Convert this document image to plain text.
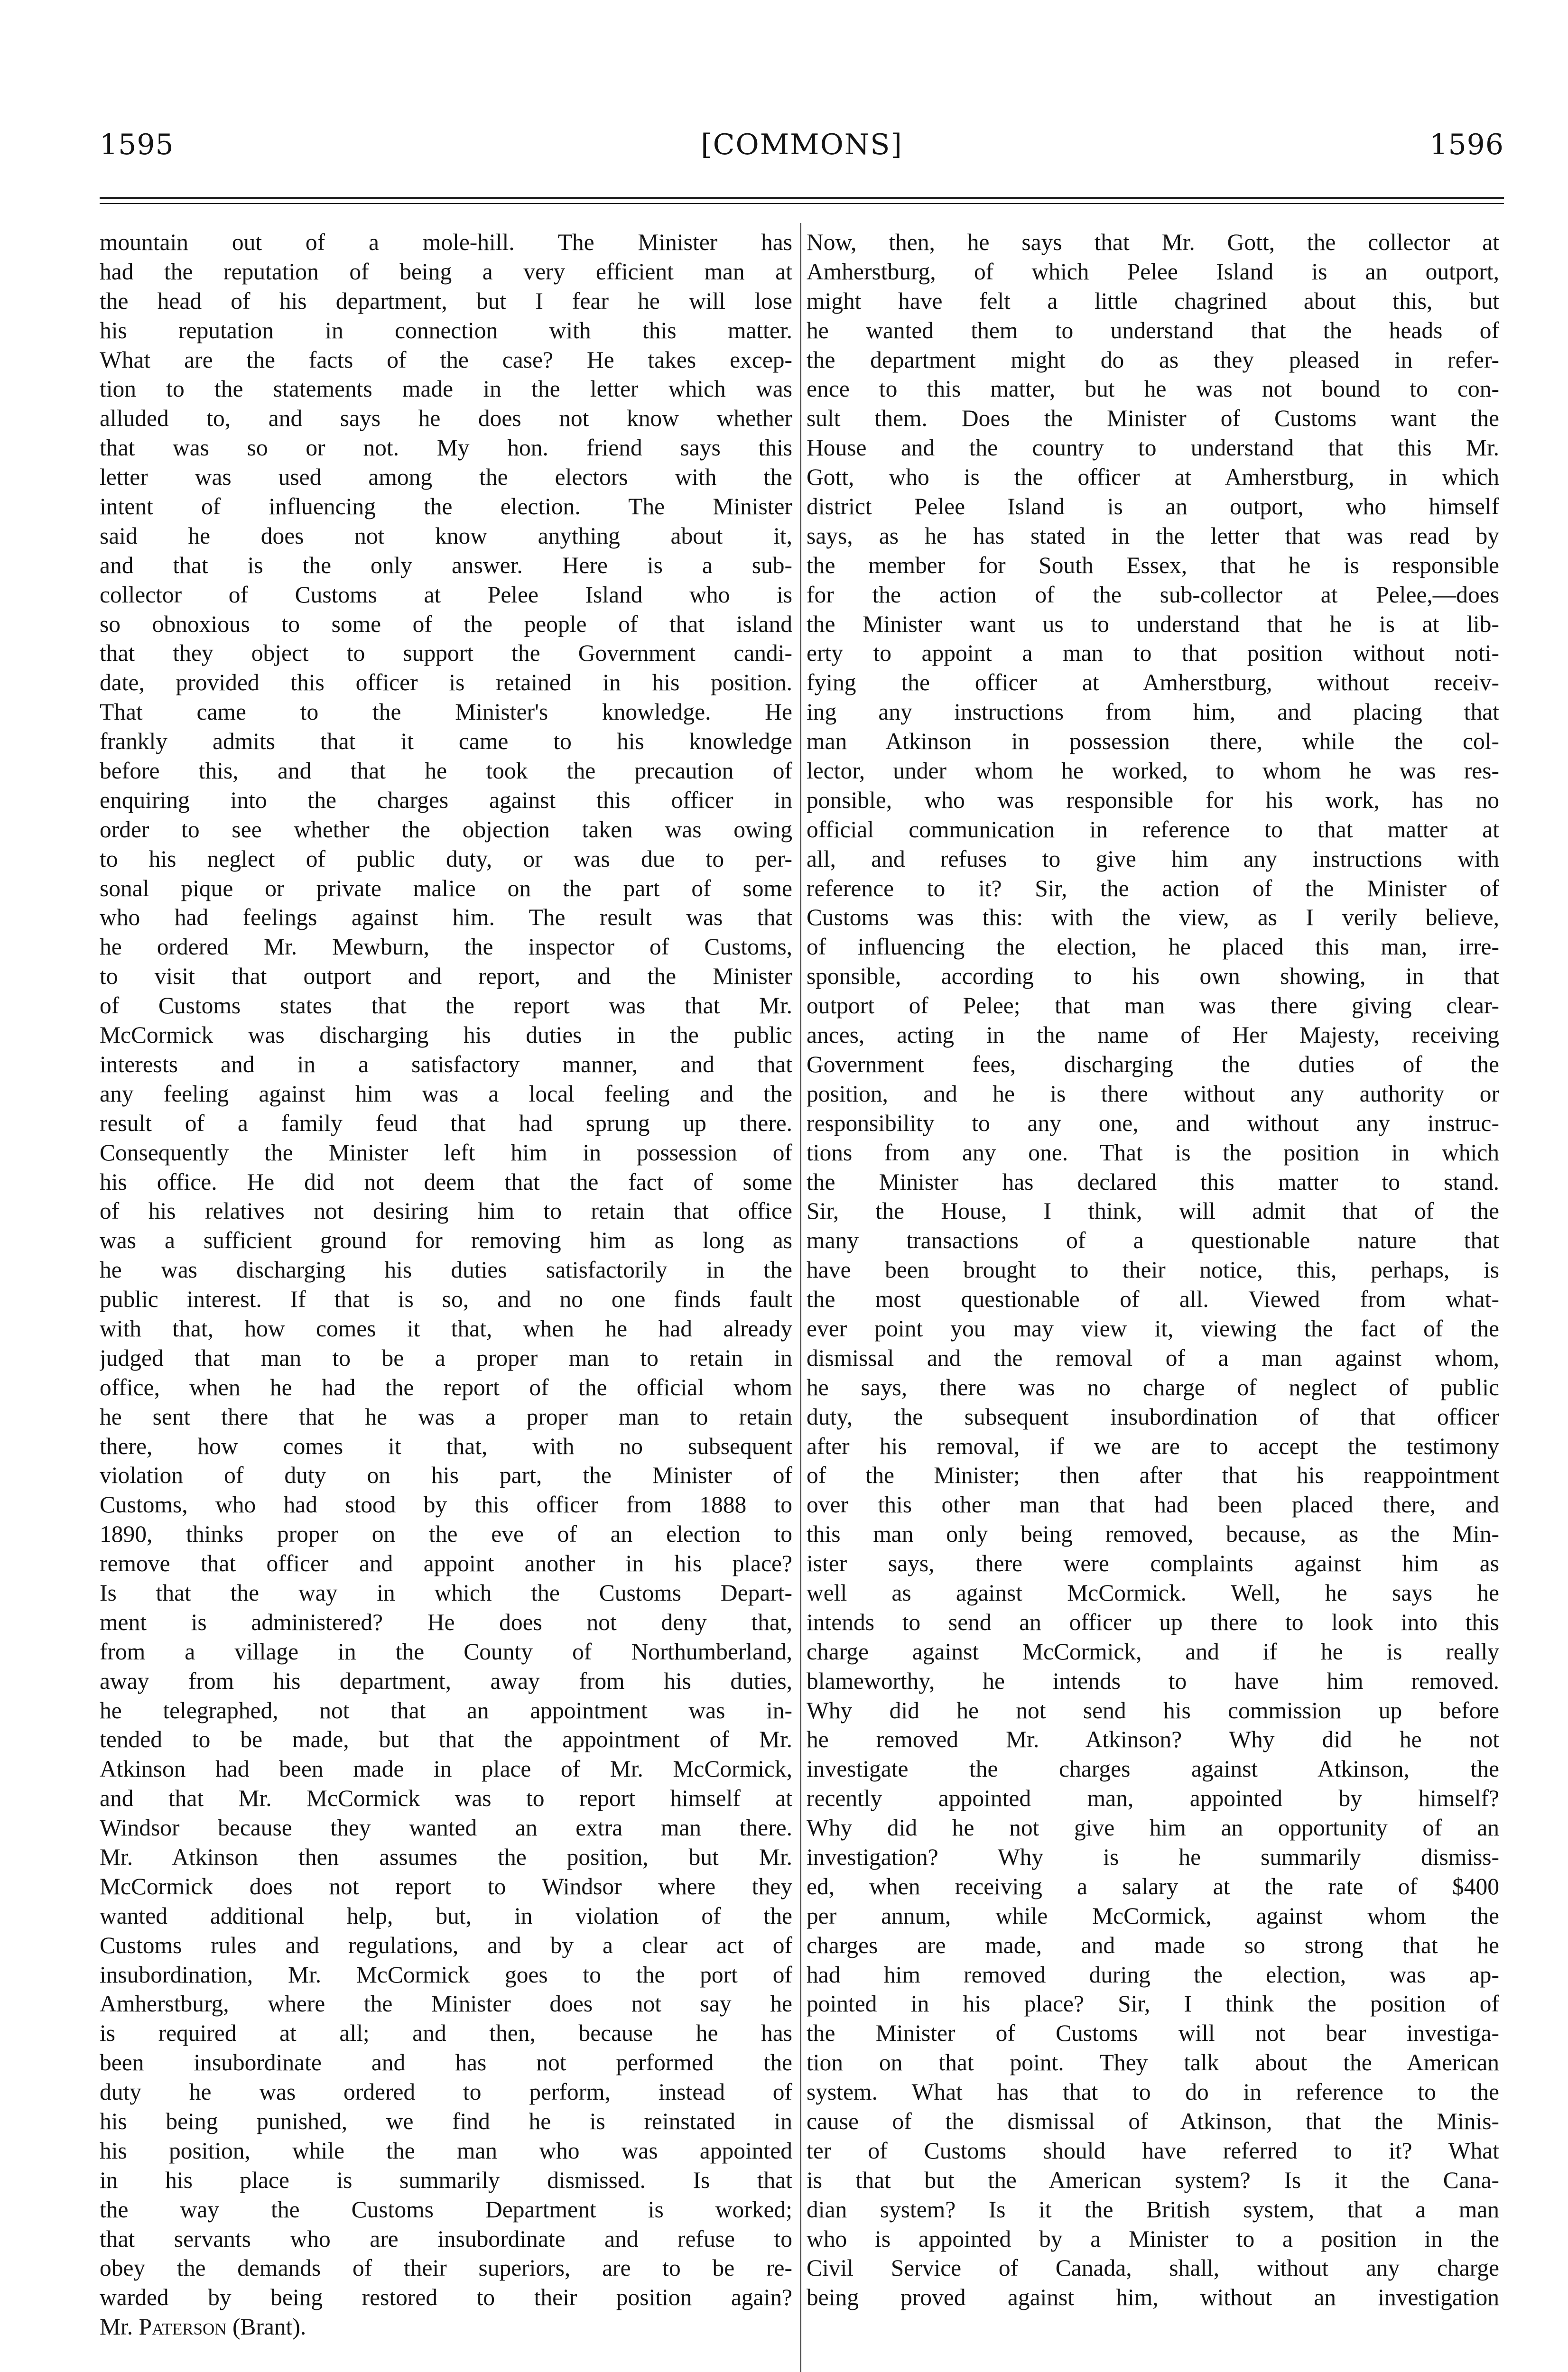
1595	[COMMONS]	1596
mountain out of a mole-hill. The Minister has
had the reputation of being a very efficient man at
the head of his department, but I fear he will lose
his reputation in connection with this matter.
What are the facts of the case? He takes excep-
tion to the statements made in the letter which was
alluded to, and says he does not know whether
that was so or not. My hon. friend says this
letter was used among the electors with the
intent of influencing the election. The Minister
said he does not know anything about it,
and that is the only answer. Here is a sub-
collector of Customs at Pelee Island who is
so obnoxious to some of the people of that island
that they object to support the Government candi-
date, provided this officer is retained in his position.
That came to the Minister's knowledge. He
frankly admits that it came to his knowledge
before this, and that he took the precaution of
enquiring into the charges against this officer in
order to see whether the objection taken was owing
to his neglect of public duty, or was due to per-
sonal pique or private malice on the part of some
who had feelings against him. The result was that
he ordered Mr. Mewburn, the inspector of Customs,
to visit that outport and report, and the Minister
of Customs states that the report was that Mr.
McCormick was discharging his duties in the public
interests and in a satisfactory manner, and that
any feeling against him was a local feeling and the
result of a family feud that had sprung up there.
Consequently the Minister left him in possession of
his office. He did not deem that the fact of some
of his relatives not desiring him to retain that office
was a sufficient ground for removing him as long as
he was discharging his duties satisfactorily in the
public interest. If that is so, and no one finds fault
with that, how comes it that, when he had already
judged that man to be a proper man to retain in
office, when he had the report of the official whom
he sent there that he was a proper man to retain
there, how comes it that, with no subsequent
violation of duty on his part, the Minister of
Customs, who had stood by this officer from 1888 to
1890, thinks proper on the eve of an election to
remove that officer and appoint another in his place?
Is that the way in which the Customs Depart-
ment is administered? He does not deny that,
from a village in the County of Northumberland,
away from his department, away from his duties,
he telegraphed, not that an appointment was in-
tended to be made, but that the appointment of Mr.
Atkinson had been made in place of Mr. McCormick,
and that Mr. McCormick was to report himself at
Windsor because they wanted an extra man there.
Mr. Atkinson then assumes the position, but Mr.
McCormick does not report to Windsor where they
wanted additional help, but, in violation of the
Customs rules and regulations, and by a clear act of
insubordination, Mr. McCormick goes to the port of
Amherstburg, where the Minister does not say he
is required at all; and then, because he has
been insubordinate and has not performed the
duty he was ordered to perform, instead of
his being punished, we find he is reinstated in
his position, while the man who was appointed
in his place is summarily dismissed. Is that
the way the Customs Department is worked;
that servants who are insubordinate and refuse to
obey the demands of their superiors, are to be re-
warded by being restored to their position again?
Mr. Paterson (Brant).
Now, then, he says that Mr. Gott, the collector at
Amherstburg, of which Pelee Island is an outport,
might have felt a little chagrined about this, but
he wanted them to understand that the heads of
the department might do as they pleased in refer-
ence to this matter, but he was not bound to con-
sult them. Does the Minister of Customs want the
House and the country to understand that this Mr.
Gott, who is the officer at Amherstburg, in which
district Pelee Island is an outport, who himself
says, as he has stated in the letter that was read by
the member for South Essex, that he is responsible
for the action of the sub-collector at Pelee,—does
the Minister want us to understand that he is at lib-
erty to appoint a man to that position without noti-
fying the officer at Amherstburg, without receiv-
ing any instructions from him, and placing that
man Atkinson in possession there, while the col-
lector, under whom he worked, to whom he was res-
ponsible, who was responsible for his work, has no
official communication in reference to that matter at
all, and refuses to give him any instructions with
reference to it? Sir, the action of the Minister of
Customs was this: with the view, as I verily believe,
of influencing the election, he placed this man, irre-
sponsible, according to his own showing, in that
outport of Pelee; that man was there giving clear-
ances, acting in the name of Her Majesty, receiving
Government fees, discharging the duties of the
position, and he is there without any authority or
responsibility to any one, and without any instruc-
tions from any one. That is the position in which
the Minister has declared this matter to stand.
Sir, the House, I think, will admit that of the
many transactions of a questionable nature that
have been brought to their notice, this, perhaps, is
the most questionable of all. Viewed from what-
ever point you may view it, viewing the fact of the
dismissal and the removal of a man against whom,
he says, there was no charge of neglect of public
duty, the subsequent insubordination of that officer
after his removal, if we are to accept the testimony
of the Minister; then after that his reappointment
over this other man that had been placed there, and
this man only being removed, because, as the Min-
ister says, there were complaints against him as
well as against McCormick. Well, he says he
intends to send an officer up there to look into this
charge against McCormick, and if he is really
blameworthy, he intends to have him removed.
Why did he not send his commission up before
he removed Mr. Atkinson? Why did he not
investigate the charges against Atkinson, the
recently appointed man, appointed by himself?
Why did he not give him an opportunity of an
investigation? Why is he summarily dismiss-
ed, when receiving a salary at the rate of $400
per annum, while McCormick, against whom the
charges are made, and made so strong that he
had him removed during the election, was ap-
pointed in his place? Sir, I think the position of
the Minister of Customs will not bear investiga-
tion on that point. They talk about the American
system. What has that to do in reference to the
cause of the dismissal of Atkinson, that the Minis-
ter of Customs should have referred to it? What
is that but the American system? Is it the Cana-
dian system? Is it the British system, that a man
who is appointed by a Minister to a position in the
Civil Service of Canada, shall, without any charge
being proved against him, without an investigation
